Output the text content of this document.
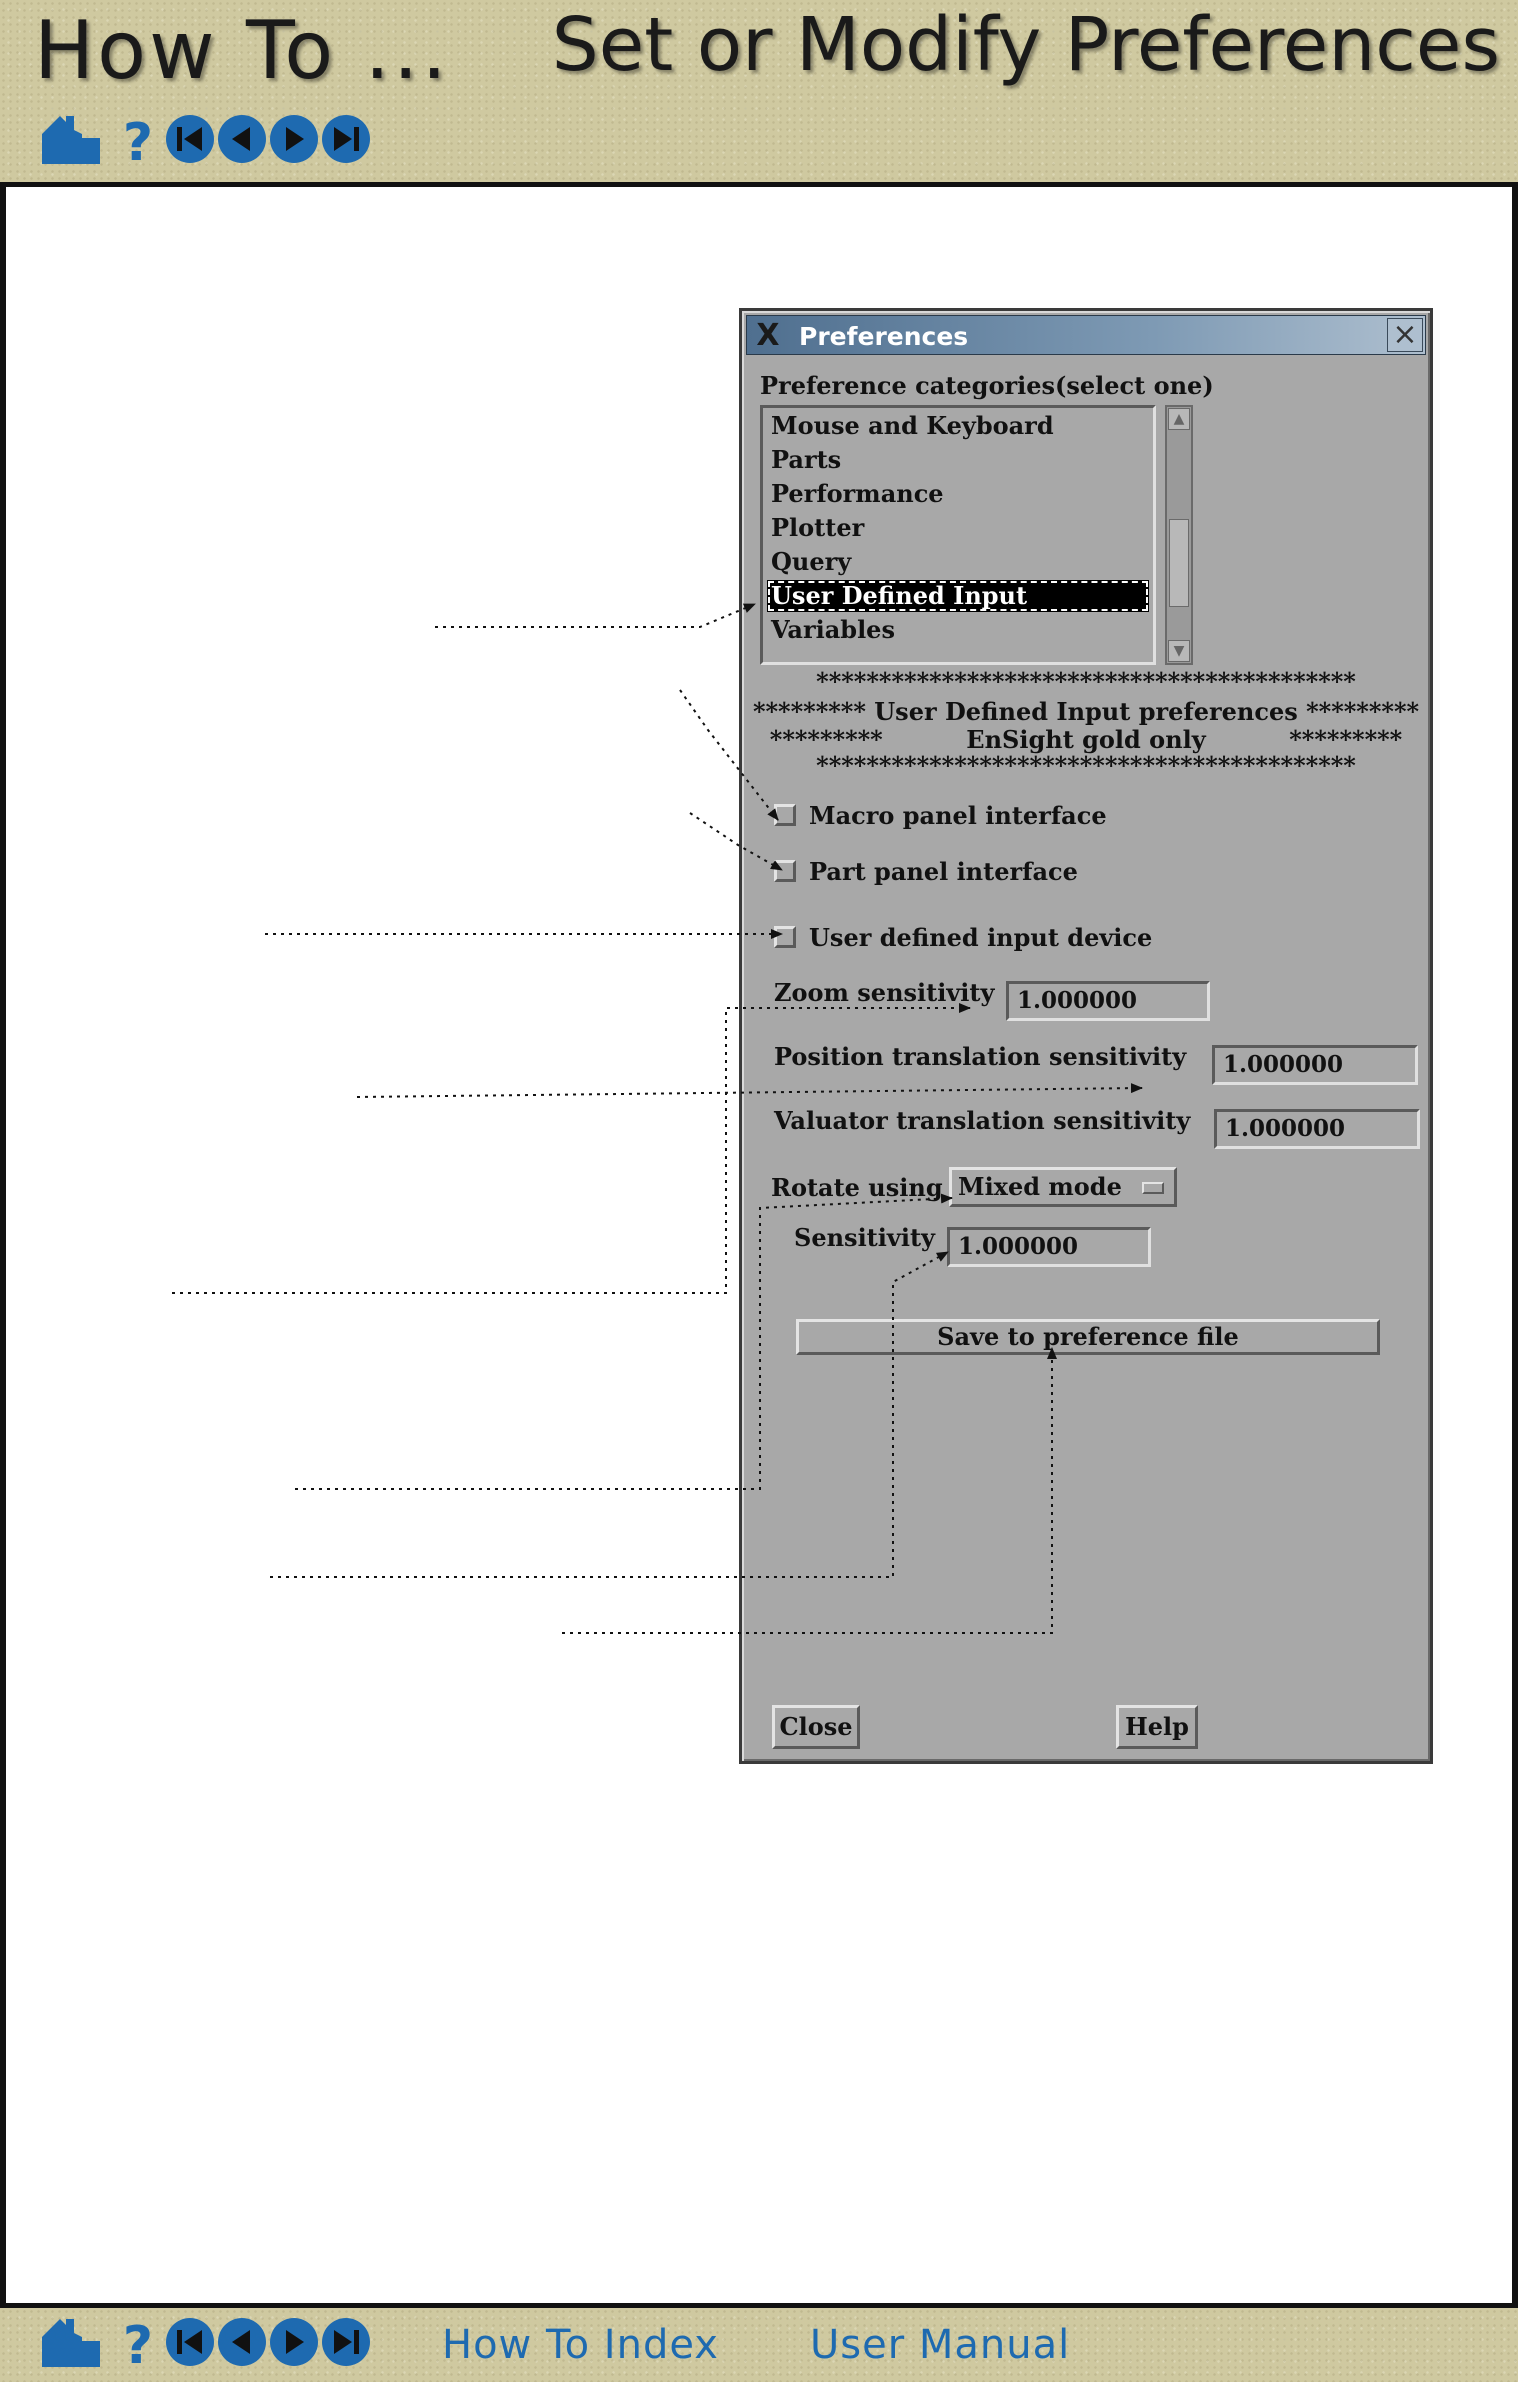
How To ... Set or Modify Preferences
?
X Preferences	×
Preference categories(select one)
Mouse and Keyboard
Parts
Performance
Plotter
Query
User Defined Input
Variables
▲
▼
*******************************************
********* User Defined Input preferences *********
*********          EnSight gold only          *********
*******************************************
Macro panel interface
Part panel interface
User defined input device
Zoom sensitivity 1.000000
Position translation sensitivity	1.000000
Valuator translation sensitivity	1.000000
Rotate using Mixed mode
Sensitivity	1.000000
Save to preference file
Close	Help
?	How To Index User Manual
